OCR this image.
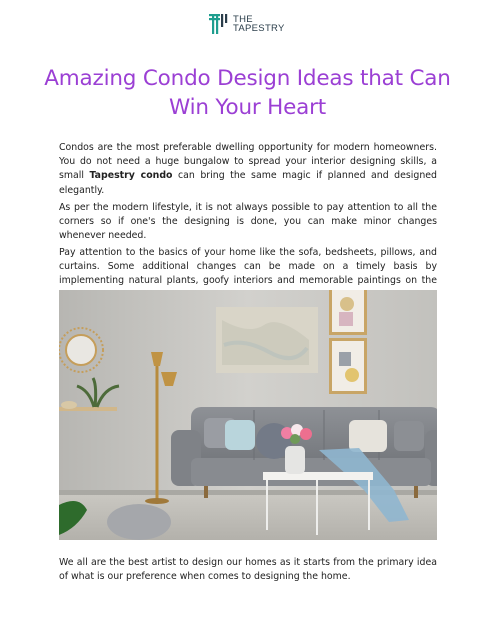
THE
TAPESTRY
Amazing Condo Design Ideas that Can Win Your Heart

Condos are the most preferable dwelling opportunity for modern homeowners. You do not need a huge bungalow to spread your interior designing skills, a small Tapestry condo can bring the same magic if planned and designed elegantly.

As per the modern lifestyle, it is not always possible to pay attention to all the corners so if one's the designing is done, you can make minor changes whenever needed.

Pay attention to the basics of your home like the sofa, bedsheets, pillows, and curtains. Some additional changes can be made on a timely basis by implementing natural plants, goofy interiors and memorable paintings on the

We all are the best artist to design our homes as it starts from the primary idea of what is our preference when comes to designing the home.
